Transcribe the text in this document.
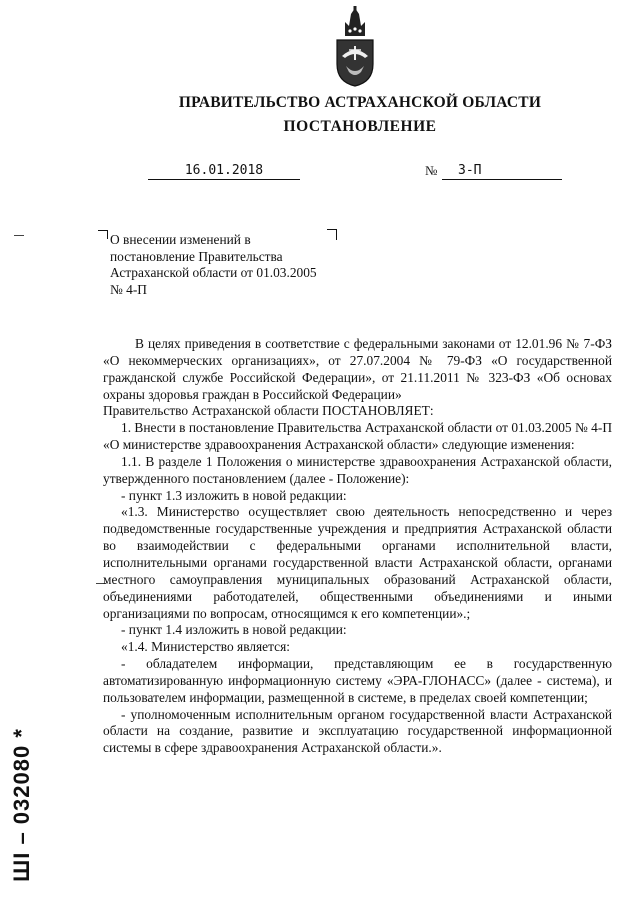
ПРАВИТЕЛЬСТВО АСТРАХАНСКОЙ ОБЛАСТИ
ПОСТАНОВЛЕНИЕ
16.01.2018	№	3-П
О внесении изменений в постановление Правительства Астраханской области от 01.03.2005 № 4-П

В целях приведения в соответствие с федеральными законами от 12.01.96 № 7-ФЗ «О некоммерческих организациях», от 27.07.2004 № 79-ФЗ «О государственной гражданской службе Российской Федерации», от 21.11.2011 № 323-ФЗ «Об основах охраны здоровья граждан в Российской Федерации»

Правительство Астраханской области ПОСТАНОВЛЯЕТ:

1. Внести в постановление Правительства Астраханской области от 01.03.2005 № 4-П «О министерстве здравоохранения Астраханской области» следующие изменения:

1.1. В разделе 1 Положения о министерстве здравоохранения Астраханской области, утвержденного постановлением (далее - Положение):

- пункт 1.3 изложить в новой редакции:

«1.3. Министерство осуществляет свою деятельность непосредственно и через подведомственные государственные учреждения и предприятия Астраханской области во взаимодействии с федеральными органами исполнительной власти, исполнительными органами государственной власти Астраханской области, органами местного самоуправления муниципальных образований Астраханской области, объединениями работодателей, общественными объединениями и иными организациями по вопросам, относящимся к его компетенции».;

- пункт 1.4 изложить в новой редакции:

«1.4. Министерство является:

- обладателем информации, представляющим ее в государственную автоматизированную информационную систему «ЭРА-ГЛОНАСС» (далее - система), и пользователем информации, размещенной в системе, в пределах своей компетенции;

- уполномоченным исполнительным органом государственной власти Астраханской области на создание, развитие и эксплуатацию государственной информационной системы в сфере здравоохранения Астраханской области.».

ШI – 032080 *
